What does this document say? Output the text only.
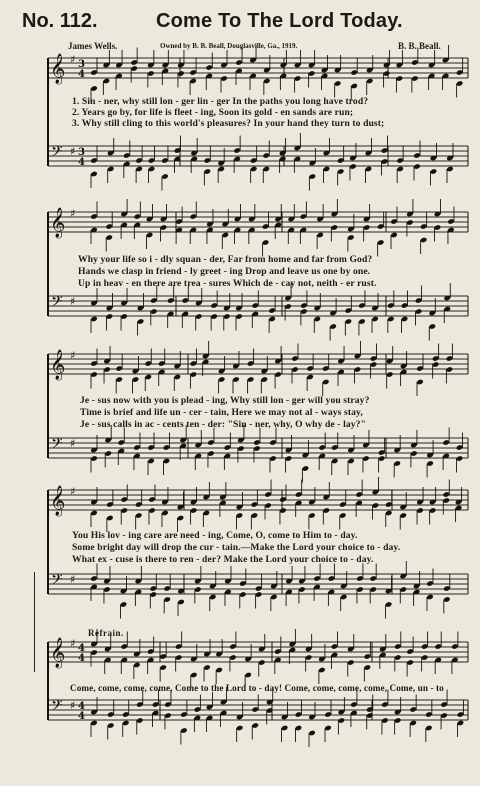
No. 112.	Come To The Lord Today.
James Wells.	Owned by B. B. Beall, Douglasville, Ga., 1919.	B. B. Beall.
𝄞
𝄢
♯
♯
3
4
3
4
𝄞
𝄢
♯
♯
𝄞
𝄢
♯
♯
𝄞
𝄢
♯
♯
𝄞
𝄢
♯
♯
4
4
4
4
1. Sin - ner, why still lon - ger lin - ger In the paths you long have trod?
2. Years go by, for life is fleet - ing, Soon its gold - en sands are run;
3. Why still cling to this world's pleasures? In your hand they turn to dust;
Why your life so i - dly squan - der, Far from home and far from God?
Hands we clasp in friend - ly greet - ing Drop and leave us one by one.
Up in heav - en there are trea - sures Which de - cay not, neith - er rust.
Je - sus now with you is plead - ing, Why still lon - ger will you stray?
Time is brief and life un - cer - tain, Here we may not al - ways stay,
Je - sus calls in ac - cents ten - der: "Sin - ner, why, O why de - lay?"
You His lov - ing care are need - ing, Come, O, come to Him to - day.
Some bright day will drop the cur - tain.—Make the Lord your choice to - day.
What ex - cuse is there to ren - der? Make the Lord your choice to - day.
Refrain.
Come, come, come, come, Come to the Lord to - day! Come, come, come, come, Come, un - to
